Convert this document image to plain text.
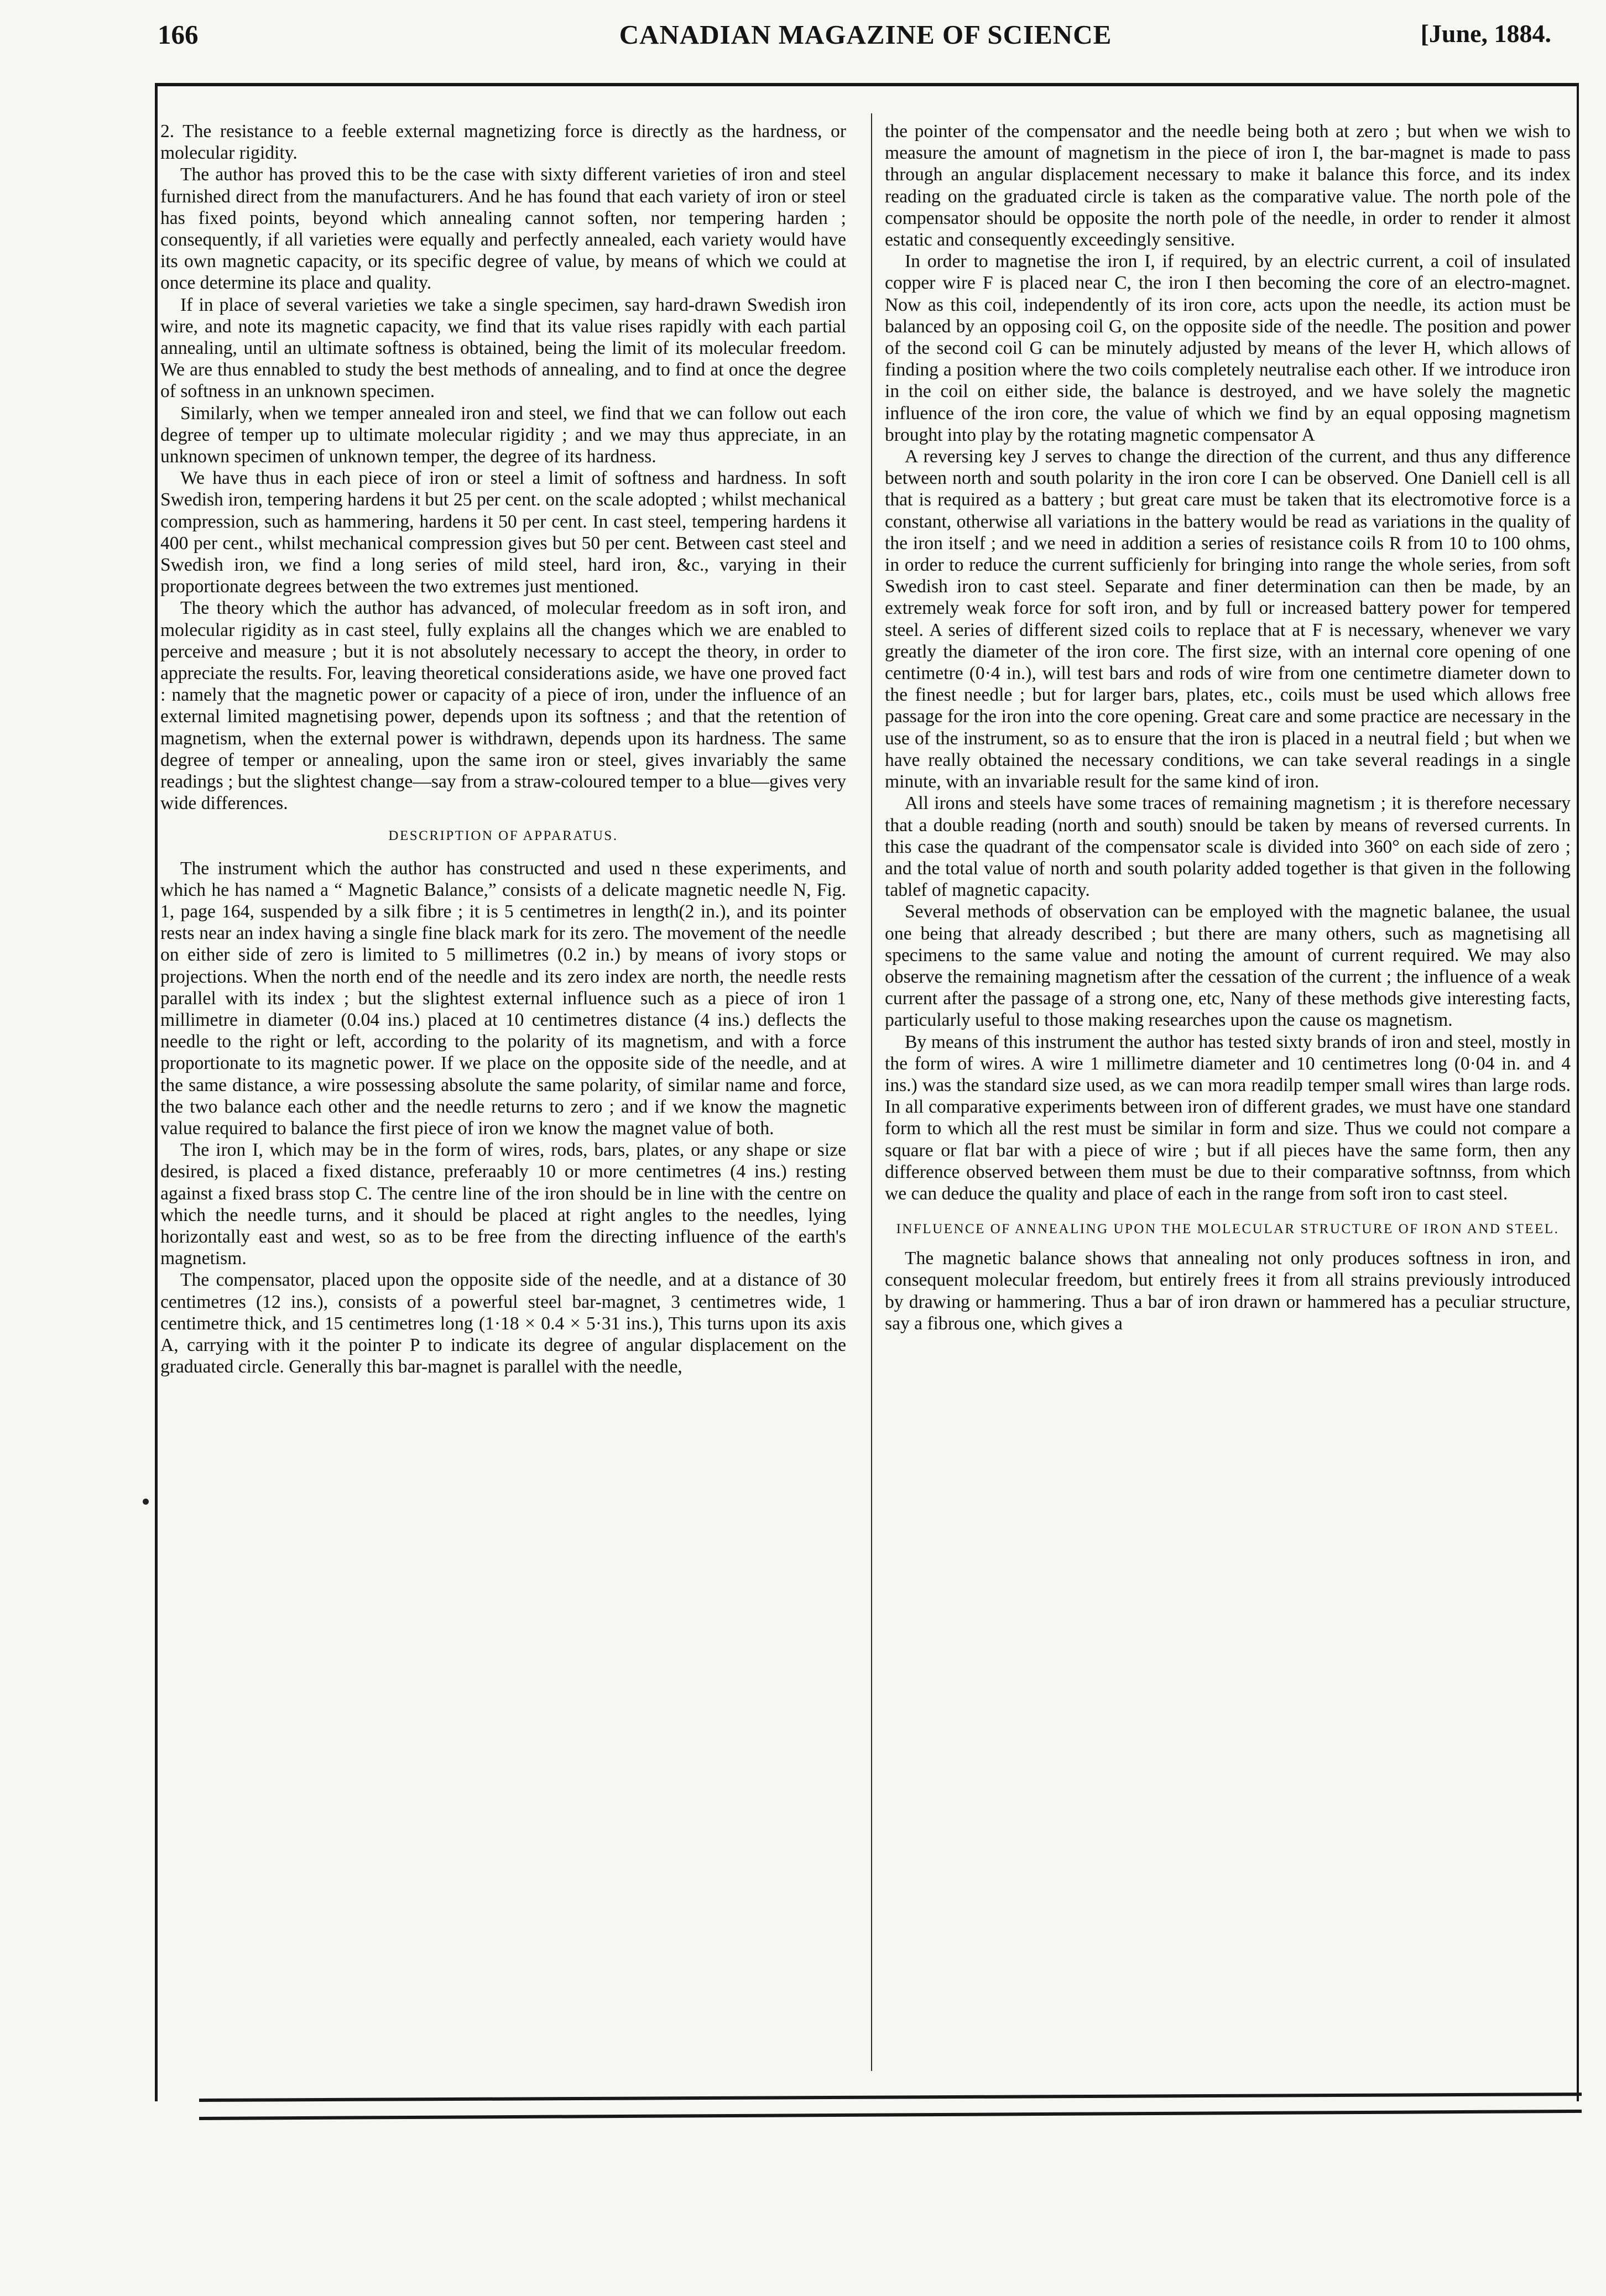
166	CANADIAN MAGAZINE OF SCIENCE	[June, 1884.

2. The resistance to a feeble external magnetizing force is directly as the hardness, or molecular rigidity.

The author has proved this to be the case with sixty different varieties of iron and steel furnished direct from the manufacturers. And he has found that each variety of iron or steel has fixed points, beyond which annealing cannot soften, nor tempering harden ; consequently, if all varieties were equally and perfectly annealed, each variety would have its own magnetic capacity, or its specific degree of value, by means of which we could at once determine its place and quality.

If in place of several varieties we take a single specimen, say hard-drawn Swedish iron wire, and note its magnetic capacity, we find that its value rises rapidly with each partial annealing, until an ultimate softness is obtained, being the limit of its molecular freedom. We are thus ennabled to study the best methods of annealing, and to find at once the degree of softness in an unknown specimen.

Similarly, when we temper annealed iron and steel, we find that we can follow out each degree of temper up to ultimate molecular rigidity ; and we may thus appreciate, in an unknown specimen of unknown temper, the degree of its hardness.

We have thus in each piece of iron or steel a limit of softness and hardness. In soft Swedish iron, tempering hardens it but 25 per cent. on the scale adopted ; whilst mechanical compression, such as hammering, hardens it 50 per cent. In cast steel, tempering hardens it 400 per cent., whilst mechanical compression gives but 50 per cent. Between cast steel and Swedish iron, we find a long series of mild steel, hard iron, &c., varying in their proportionate degrees between the two extremes just mentioned.

The theory which the author has advanced, of molecular freedom as in soft iron, and molecular rigidity as in cast steel, fully explains all the changes which we are enabled to perceive and measure ; but it is not absolutely necessary to accept the theory, in order to appreciate the results. For, leaving theoretical considerations aside, we have one proved fact : namely that the magnetic power or capacity of a piece of iron, under the influence of an external limited magnetising power, depends upon its softness ; and that the retention of magnetism, when the external power is withdrawn, depends upon its hardness. The same degree of temper or annealing, upon the same iron or steel, gives invariably the same readings ; but the slightest change—say from a straw-coloured temper to a blue—gives very wide differences.

DESCRIPTION OF APPARATUS.

The instrument which the author has constructed and used n these experiments, and which he has named a “ Magnetic Balance,” consists of a delicate magnetic needle N, Fig. 1, page 164, suspended by a silk fibre ; it is 5 centimetres in length(2 in.), and its pointer rests near an index having a single fine black mark for its zero. The movement of the needle on either side of zero is limited to 5 millimetres (0.2 in.) by means of ivory stops or projections. When the north end of the needle and its zero index are north, the needle rests parallel with its index ; but the slightest external influence such as a piece of iron 1 millimetre in diameter (0.04 ins.) placed at 10 centimetres distance (4 ins.) deflects the needle to the right or left, according to the polarity of its magnetism, and with a force proportionate to its magnetic power. If we place on the opposite side of the needle, and at the same distance, a wire possessing absolute the same polarity, of similar name and force, the two balance each other and the needle returns to zero ; and if we know the magnetic value required to balance the first piece of iron we know the magnet value of both.

The iron I, which may be in the form of wires, rods, bars, plates, or any shape or size desired, is placed a fixed distance, preferaably 10 or more centimetres (4 ins.) resting against a fixed brass stop C. The centre line of the iron should be in line with the centre on which the needle turns, and it should be placed at right angles to the needles, lying horizontally east and west, so as to be free from the directing influence of the earth's magnetism.

The compensator, placed upon the opposite side of the needle, and at a distance of 30 centimetres (12 ins.), consists of a powerful steel bar-magnet, 3 centimetres wide, 1 centimetre thick, and 15 centimetres long (1·18 × 0.4 × 5·31 ins.), This turns upon its axis A, carrying with it the pointer P to indicate its degree of angular displacement on the graduated circle. Generally this bar-magnet is parallel with the needle,

the pointer of the compensator and the needle being both at zero ; but when we wish to measure the amount of magnetism in the piece of iron I, the bar-magnet is made to pass through an angular displacement necessary to make it balance this force, and its index reading on the graduated circle is taken as the comparative value. The north pole of the compensator should be opposite the north pole of the needle, in order to render it almost estatic and consequently exceedingly sensitive.

In order to magnetise the iron I, if required, by an electric current, a coil of insulated copper wire F is placed near C, the iron I then becoming the core of an electro-magnet. Now as this coil, independently of its iron core, acts upon the needle, its action must be balanced by an opposing coil G, on the opposite side of the needle. The position and power of the second coil G can be minutely adjusted by means of the lever H, which allows of finding a position where the two coils completely neutralise each other. If we introduce iron in the coil on either side, the balance is destroyed, and we have solely the magnetic influence of the iron core, the value of which we find by an equal opposing magnetism brought into play by the rotating magnetic compensator A

A reversing key J serves to change the direction of the current, and thus any difference between north and south polarity in the iron core I can be observed. One Daniell cell is all that is required as a battery ; but great care must be taken that its electromotive force is a constant, otherwise all variations in the battery would be read as variations in the quality of the iron itself ; and we need in addition a series of resistance coils R from 10 to 100 ohms, in order to reduce the current sufficienly for bringing into range the whole series, from soft Swedish iron to cast steel. Separate and finer determination can then be made, by an extremely weak force for soft iron, and by full or increased battery power for tempered steel. A series of different sized coils to replace that at F is necessary, whenever we vary greatly the diameter of the iron core. The first size, with an internal core opening of one centimetre (0·4 in.), will test bars and rods of wire from one centimetre diameter down to the finest needle ; but for larger bars, plates, etc., coils must be used which allows free passage for the iron into the core opening. Great care and some practice are necessary in the use of the instrument, so as to ensure that the iron is placed in a neutral field ; but when we have really obtained the necessary conditions, we can take several readings in a single minute, with an invariable result for the same kind of iron.

All irons and steels have some traces of remaining magnetism ; it is therefore necessary that a double reading (north and south) snould be taken by means of reversed currents. In this case the quadrant of the compensator scale is divided into 360° on each side of zero ; and the total value of north and south polarity added together is that given in the following tablef of magnetic capacity.

Several methods of observation can be employed with the magnetic balanee, the usual one being that already described ; but there are many others, such as magnetising all specimens to the same value and noting the amount of current required. We may also observe the remaining magnetism after the cessation of the current ; the influence of a weak current after the passage of a strong one, etc, Nany of these methods give interesting facts, particularly useful to those making researches upon the cause os magnetism.

By means of this instrument the author has tested sixty brands of iron and steel, mostly in the form of wires. A wire 1 millimetre diameter and 10 centimetres long (0·04 in. and 4 ins.) was the standard size used, as we can mora readilp temper small wires than large rods. In all comparative experiments between iron of different grades, we must have one standard form to which all the rest must be similar in form and size. Thus we could not compare a square or flat bar with a piece of wire ; but if all pieces have the same form, then any difference observed between them must be due to their comparative softnnss, from which we can deduce the quality and place of each in the range from soft iron to cast steel.

INFLUENCE OF ANNEALING UPON THE MOLECULAR STRUCTURE OF IRON AND STEEL.

The magnetic balance shows that annealing not only produces softness in iron, and consequent molecular freedom, but entirely frees it from all strains previously introduced by drawing or hammering. Thus a bar of iron drawn or hammered has a peculiar structure, say a fibrous one, which gives a
